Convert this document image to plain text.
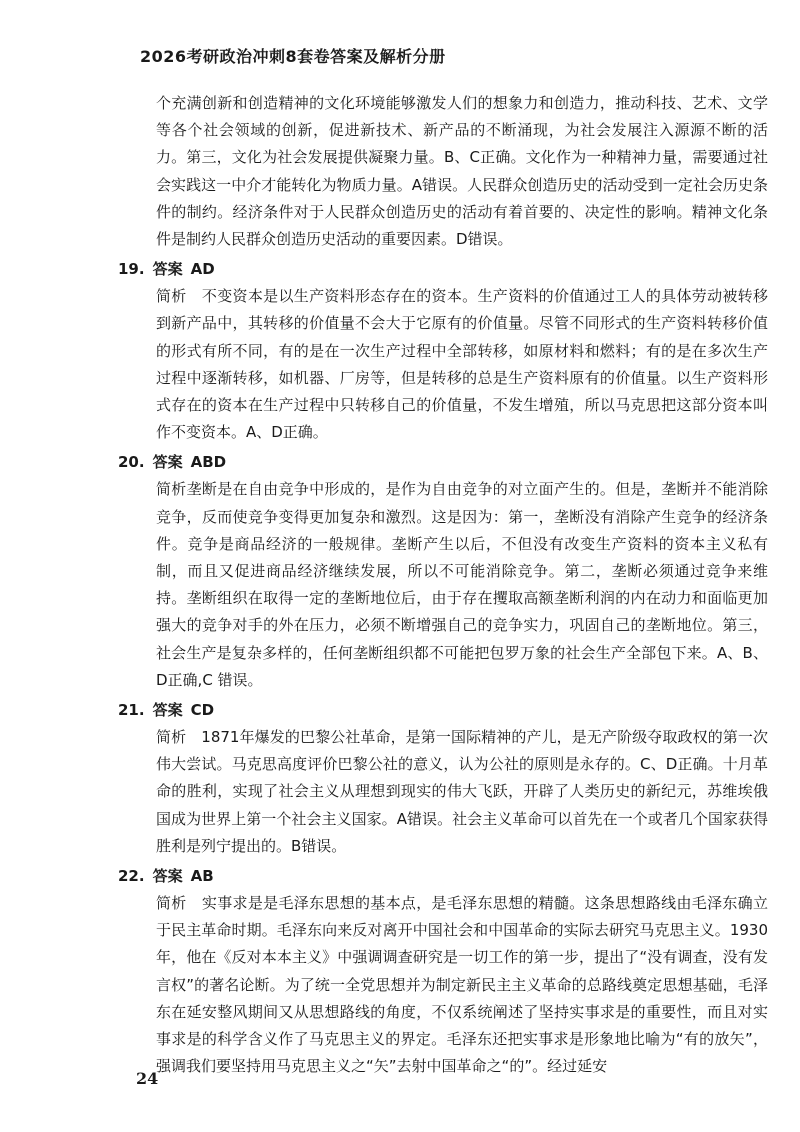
2026考研政治冲刺8套卷答案及解析分册

个充满创新和创造精神的文化环境能够激发人们的想象力和创造力，推动科技、艺术、文学等各个社会领域的创新，促进新技术、新产品的不断涌现，为社会发展注入源源不断的活力。第三，文化为社会发展提供凝聚力量。B、C正确。文化作为一种精神力量，需要通过社会实践这一中介才能转化为物质力量。A错误。人民群众创造历史的活动受到一定社会历史条件的制约。经济条件对于人民群众创造历史的活动有着首要的、决定性的影响。精神文化条件是制约人民群众创造历史活动的重要因素。D错误。

19. 答案 AD

简析　不变资本是以生产资料形态存在的资本。生产资料的价值通过工人的具体劳动被转移到新产品中，其转移的价值量不会大于它原有的价值量。尽管不同形式的生产资料转移价值的形式有所不同，有的是在一次生产过程中全部转移，如原材料和燃料；有的是在多次生产过程中逐渐转移，如机器、厂房等，但是转移的总是生产资料原有的价值量。以生产资料形式存在的资本在生产过程中只转移自己的价值量，不发生增殖，所以马克思把这部分资本叫作不变资本。A、D正确。

20. 答案 ABD

简析垄断是在自由竞争中形成的，是作为自由竞争的对立面产生的。但是，垄断并不能消除竞争，反而使竞争变得更加复杂和激烈。这是因为：第一，垄断没有消除产生竞争的经济条件。竞争是商品经济的一般规律。垄断产生以后，不但没有改变生产资料的资本主义私有制，而且又促进商品经济继续发展，所以不可能消除竞争。第二，垄断必须通过竞争来维持。垄断组织在取得一定的垄断地位后，由于存在攫取高额垄断利润的内在动力和面临更加强大的竞争对手的外在压力，必须不断增强自己的竞争实力，巩固自己的垄断地位。第三，社会生产是复杂多样的，任何垄断组织都不可能把包罗万象的社会生产全部包下来。A、B、D正确,C 错误。

21. 答案 CD

简析　1871年爆发的巴黎公社革命，是第一国际精神的产儿，是无产阶级夺取政权的第一次伟大尝试。马克思高度评价巴黎公社的意义，认为公社的原则是永存的。C、D正确。十月革命的胜利，实现了社会主义从理想到现实的伟大飞跃，开辟了人类历史的新纪元，苏维埃俄国成为世界上第一个社会主义国家。A错误。社会主义革命可以首先在一个或者几个国家获得胜利是列宁提出的。B错误。

22. 答案 AB

简析　实事求是是毛泽东思想的基本点，是毛泽东思想的精髓。这条思想路线由毛泽东确立于民主革命时期。毛泽东向来反对离开中国社会和中国革命的实际去研究马克思主义。1930年，他在《反对本本主义》中强调调查研究是一切工作的第一步，提出了“没有调查，没有发言权”的著名论断。为了统一全党思想并为制定新民主主义革命的总路线奠定思想基础，毛泽东在延安整风期间又从思想路线的角度，不仅系统阐述了坚持实事求是的重要性，而且对实事求是的科学含义作了马克思主义的界定。毛泽东还把实事求是形象地比喻为“有的放矢”，强调我们要坚持用马克思主义之“矢”去射中国革命之“的”。经过延安

24
